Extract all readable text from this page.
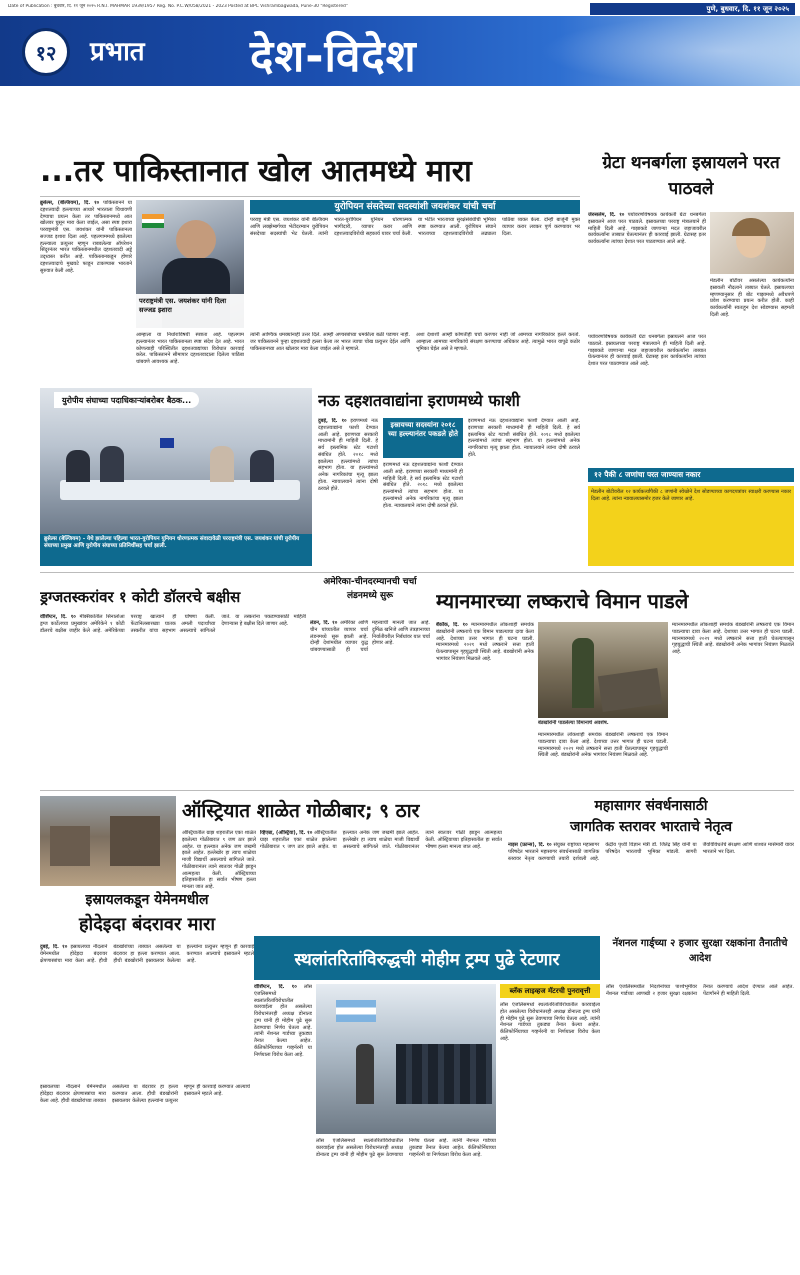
Date of Publication : बुधवार, दि. ११ जून २०२५ R.N.I. MAHMAR 1939/1957 Reg. No. P.C.W/058/2021 - 2023 Posted at BPC Vishrambagwada, Pune-30 "Registered"	पुणे, बुधवार, दि. ११ जून २०२५
१२ प्रभात देश-विदेश
...तर पाकिस्तानात खोल आतमध्ये मारा
ब्रुसेल्स, (बेल्जियम), दि. १० पाकिस्तानने या दहशतवादी हल्ल्याच्या आधारे भारताला चिथावणी देण्याचा प्रयत्न केला तर पाकिस्तानमध्ये आत खोलवर घुसून मारा केला जाईल, असा स्पष्ट इशारा परराष्ट्रमंत्री एस. जयशंकर यांनी पाकिस्तानला सज्जड इशारा दिला आहे. पहलगाममध्ये झालेल्या हल्ल्याला प्रत्युत्तर म्हणून राबवलेल्या ऑपरेशन सिंदूरनंतर भारत पाकिस्तानमधील दहशतवादी अड्डे उद्ध्वस्त करीत आहे. पाकिस्तानकडून होणारे दहशतवादाचे मुखवटे फाडून टाकण्यास भारताने सुरुवात केली आहे.
परराष्ट्रमंत्री एस. जयशंकर यांनी दिला सज्जड इशारा
युरोपियन संसदेच्या सदस्यांशी जयशंकर यांची चर्चा
परराष्ट्र मंत्री एस. जयशंकर यांनी बेल्जियम आणि लक्झेम्बर्गच्या भेटीदरम्यान युरोपियन संसदेच्या सदस्यांची भेट घेतली. त्यांनी भारत-युरोपियन युनियन धोरणात्मक भागीदारी, व्यापार करार आणि दहशतवादविरोधी सहकार्य यावर चर्चा केली. या भेटीत भारताच्या सुरक्षेसंबंधीची भूमिका स्पष्ट करण्यात आली. युरोपियन संघाने भारताच्या दहशतवादविरोधी लढ्याला पाठिंबा व्यक्त केला. दोन्ही बाजूंनी मुक्त व्यापार करार लवकर पूर्ण करण्यावर भर दिला.
आम्हाला या निर्धाराविषयी स्पष्टता आहे. पहलगाम हल्ल्यानंतर भारत पाकिस्तानला स्पष्ट संदेश देत आहे. भारत कोणत्याही परिस्थितीत दहशतवाद्यांच्या विरोधात कारवाई करेल. पाकिस्तानने सीमापार दहशतवादाला दिलेला पाठिंबा थांबवणे आवश्यक आहे.
त्यांनी आण्विक धमक्यांनाही उत्तर दिले. आम्ही अण्वस्त्रांच्या धमकीला बळी पडणार नाही. जर पाकिस्तानने पुन्हा दहशतवादी हल्ला केला तर भारत त्याचा चोख प्रत्युत्तर देईल आणि पाकिस्तानच्या आत खोलवर मारा केला जाईल असे ते म्हणाले.
अशा देशाशी आम्ही कोणतीही चर्चा करणार नाही जो आमच्या नागरिकांवर हल्ले करतो. आम्हाला आमच्या नागरिकांचे संरक्षण करण्याचा अधिकार आहे. त्यामुळे भारत यापुढे कठोर भूमिका घेईल असे ते म्हणाले.
युरोपीय संघाच्या पदाधिकाऱ्यांबरोबर बैठक...
ब्रुसेल्स (बेल्जियम) - येथे झालेल्या पहिल्या भारत-युरोपियन युनियन धोरणात्मक संवादावेळी परराष्ट्रमंत्री एस. जयशंकर यांची युरोपीय संघाच्या प्रमुख आणि युरोपीय संघाच्या प्रतिनिधींसह चर्चा झाली.
नऊ दहशतवाद्यांना इराणमध्ये फाशी
दुबई, दि. १० इराणमध्ये नऊ दहशतवाद्यांना फाशी देण्यात आली आहे. इराणच्या सरकारी माध्यमांनी ही माहिती दिली. हे सर्व इस्लामिक स्टेट गटाशी संबंधित होते. २०१८ मध्ये झालेल्या हल्ल्यांमध्ये त्यांचा सहभाग होता. या हल्ल्यांमध्ये अनेक नागरिकांचा मृत्यू झाला होता. न्यायालयाने त्यांना दोषी ठरवले होते.
इस्रायच्या सदस्यांना २०१८ च्या हल्ल्यानंतर पकडले होते
इराणमध्ये नऊ दहशतवाद्यांना फाशी देण्यात आली आहे. इराणच्या सरकारी माध्यमांनी ही माहिती दिली. हे सर्व इस्लामिक स्टेट गटाशी संबंधित होते. २०१८ मध्ये झालेल्या हल्ल्यांमध्ये त्यांचा सहभाग होता. या हल्ल्यांमध्ये अनेक नागरिकांचा मृत्यू झाला होता. न्यायालयाने त्यांना दोषी ठरवले होते.
इराणमध्ये नऊ दहशतवाद्यांना फाशी देण्यात आली आहे. इराणच्या सरकारी माध्यमांनी ही माहिती दिली. हे सर्व इस्लामिक स्टेट गटाशी संबंधित होते. २०१८ मध्ये झालेल्या हल्ल्यांमध्ये त्यांचा सहभाग होता. या हल्ल्यांमध्ये अनेक नागरिकांचा मृत्यू झाला होता. न्यायालयाने त्यांना दोषी ठरवले होते.
ग्रेटा थनबर्गला इस्रायलने परत पाठवले
जेरुसलेम, दि. १० पर्यावरणविषयक कार्यकर्ती ग्रेटा थनबर्गला इस्रायलने आज परत पाठवले. इस्रायलच्या परराष्ट्र मंत्रालयाने ही माहिती दिली आहे. गाझाकडे जाणाऱ्या मदत जहाजावरील कार्यकर्त्यांना ताब्यात घेतल्यानंतर ही कारवाई झाली. ग्रेटासह इतर कार्यकर्त्यांना त्यांच्या देशात परत पाठवण्यात आले आहे.
मेडलीन बोटीवर असलेल्या कार्यकर्त्यांना इस्रायली नौदलाने ताब्यात घेतले. इस्रायलच्या म्हणण्यानुसार ही बोट गाझामध्ये अवैधपणे प्रवेश करण्याचा प्रयत्न करीत होती. काही कार्यकर्त्यांनी स्वतःहून देश सोडण्यास सहमती दिली आहे.
पर्यावरणविषयक कार्यकर्ती ग्रेटा थनबर्गला इस्रायलने आज परत पाठवले. इस्रायलच्या परराष्ट्र मंत्रालयाने ही माहिती दिली आहे. गाझाकडे जाणाऱ्या मदत जहाजावरील कार्यकर्त्यांना ताब्यात घेतल्यानंतर ही कारवाई झाली. ग्रेटासह इतर कार्यकर्त्यांना त्यांच्या देशात परत पाठवण्यात आले आहे.
१२ पैकी ८ जणांचा परत जाण्यास नकार
मेडलीन बोटीवरील १२ कार्यकर्त्यांपैकी ८ जणांनी स्वेच्छेने देश सोडण्याच्या कागदपत्रांवर स्वाक्षरी करण्यास नकार दिला आहे. त्यांना न्यायालयासमोर हजर केले जाणार आहे.
ड्रग्जतस्करांवर १ कोटी डॉलरचे बक्षीस
वॉशिंग्टन, दि. १० मेक्सिकोतील सिनालोआ ड्रग्ज कार्टेलच्या प्रमुखांवर अमेरिकेने १ कोटी डॉलरचे बक्षीस जाहीर केले आहे. अमेरिकेच्या परराष्ट्र खात्याने ही घोषणा केली. फेंटानिलसारख्या घातक अमली पदार्थांच्या तस्करीत यांचा सहभाग असल्याचे सांगितले जाते. या तस्करांना पकडण्यासाठी माहिती देणाऱ्यास हे बक्षीस दिले जाणार आहे.
अमेरिका-चीनदरम्यानची चर्चा लंडनमध्ये सुरू
लंडन, दि. १० अमेरिका आणि चीन यांच्यातील व्यापार चर्चा लंडनमध्ये सुरू झाली आहे. दोन्ही देशांमधील व्यापार युद्ध थांबवण्यासाठी ही चर्चा महत्त्वाची मानली जात आहे. दुर्मिळ खनिजे आणि तंत्रज्ञानाच्या निर्यातीवरील निर्बंधांवर यात चर्चा होणार आहे.
म्यानमारच्या लष्कराचे विमान पाडले
बँकॉक, दि. १० म्यानमारमधील लोकशाही समर्थक बंडखोरांनी लष्कराचे एक विमान पाडल्याचा दावा केला आहे. देशाच्या उत्तर भागात ही घटना घडली. म्यानमारमध्ये २०२१ मध्ये लष्कराने सत्ता हाती घेतल्यापासून गृहयुद्धाची स्थिती आहे. बंडखोरांनी अनेक भागांवर नियंत्रण मिळवले आहे.
बंडखोरांनी पाडलेल्या विमानाचे अवशेष.
म्यानमारमधील लोकशाही समर्थक बंडखोरांनी लष्कराचे एक विमान पाडल्याचा दावा केला आहे. देशाच्या उत्तर भागात ही घटना घडली. म्यानमारमध्ये २०२१ मध्ये लष्कराने सत्ता हाती घेतल्यापासून गृहयुद्धाची स्थिती आहे. बंडखोरांनी अनेक भागांवर नियंत्रण मिळवले आहे.
म्यानमारमधील लोकशाही समर्थक बंडखोरांनी लष्कराचे एक विमान पाडल्याचा दावा केला आहे. देशाच्या उत्तर भागात ही घटना घडली. म्यानमारमध्ये २०२१ मध्ये लष्कराने सत्ता हाती घेतल्यापासून गृहयुद्धाची स्थिती आहे. बंडखोरांनी अनेक भागांवर नियंत्रण मिळवले आहे.
इस्रायलकडून येमेनमधील
होदेइदा बंदरावर मारा
दुबई, दि. १० इस्रायलच्या नौदलाने येमेनमधील होदेइदा बंदरावर क्षेपणास्त्रांचा मारा केला आहे. हौथी बंडखोरांच्या ताब्यात असलेल्या या बंदरावर हा हल्ला करण्यात आला. हौथी बंडखोरांनी इस्रायलवर केलेल्या हल्ल्यांना प्रत्युत्तर म्हणून ही कारवाई करण्यात आल्याचे इस्रायलने म्हटले आहे.
ऑस्ट्रियात शाळेत गोळीबार; ९ ठार
व्हिएन्ना, (ऑस्ट्रिया), दि. १० ऑस्ट्रियातील ग्राझ शहरातील एका शाळेत झालेल्या गोळीबारात ९ जण ठार झाले आहेत. या हल्ल्यात अनेक जण जखमी झाले आहेत. हल्लेखोर हा त्याच शाळेचा माजी विद्यार्थी असल्याचे सांगितले जाते. गोळीबारानंतर त्याने स्वतःवर गोळी झाडून आत्महत्या केली. ऑस्ट्रियाच्या इतिहासातील हा सर्वात भीषण हल्ला मानला जात आहे.
ऑस्ट्रियातील ग्राझ शहरातील एका शाळेत झालेल्या गोळीबारात ९ जण ठार झाले आहेत. या हल्ल्यात अनेक जण जखमी झाले आहेत. हल्लेखोर हा त्याच शाळेचा माजी विद्यार्थी असल्याचे सांगितले जाते. गोळीबारानंतर त्याने स्वतःवर गोळी झाडून आत्महत्या केली. ऑस्ट्रियाच्या इतिहासातील हा सर्वात भीषण हल्ला मानला जात आहे.
महासागर संवर्धनासाठी
जागतिक स्तरावर भारताचे नेतृत्व
नाइस (फ्रान्स), दि. १० संयुक्त राष्ट्रांच्या महासागर परिषदेत भारताने महासागर संवर्धनासाठी जागतिक स्तरावर नेतृत्व करण्याची तयारी दर्शवली आहे. केंद्रीय पृथ्वी विज्ञान मंत्री डॉ. जितेंद्र सिंह यांनी या परिषदेत भारताची भूमिका मांडली. सागरी जैवविविधतेचे संरक्षण आणि शाश्वत मासेमारी यावर भारताने भर दिला.
स्थलांतरितांविरुद्धची मोहीम ट्रम्प पुढे रेटणार
वॉशिंग्टन, दि. १० लॉस एंजलिसमध्ये स्थलांतरितांविरोधातील कारवाईला होत असलेल्या विरोधानंतरही अध्यक्ष डोनाल्ड ट्रम्प यांनी ही मोहीम पुढे सुरू ठेवण्याचा निर्णय घेतला आहे. त्यांनी नॅशनल गार्डच्या तुकड्या तैनात केल्या आहेत. कॅलिफोर्नियाच्या गव्हर्नरनी या निर्णयाला विरोध केला आहे.
लॉस एंजलिसमध्ये स्थलांतरितांविरोधातील कारवाईला होत असलेल्या विरोधानंतरही अध्यक्ष डोनाल्ड ट्रम्प यांनी ही मोहीम पुढे सुरू ठेवण्याचा निर्णय घेतला आहे. त्यांनी नॅशनल गार्डच्या तुकड्या तैनात केल्या आहेत. कॅलिफोर्नियाच्या गव्हर्नरनी या निर्णयाला विरोध केला आहे.
ब्लॅक लाइव्हज मॅटरची पुनरावृत्ती
लॉस एंजलिसमध्ये स्थलांतरितांविरोधातील कारवाईला होत असलेल्या विरोधानंतरही अध्यक्ष डोनाल्ड ट्रम्प यांनी ही मोहीम पुढे सुरू ठेवण्याचा निर्णय घेतला आहे. त्यांनी नॅशनल गार्डच्या तुकड्या तैनात केल्या आहेत. कॅलिफोर्नियाच्या गव्हर्नरनी या निर्णयाला विरोध केला आहे.
नॅशनल गार्ड्च्या २ हजार सुरक्षा रक्षकांना तैनातीचे आदेश
लॉस एंजलिसमधील निदर्शनांच्या पार्श्वभूमीवर नॅशनल गार्डच्या आणखी २ हजार सुरक्षा रक्षकांना तैनात करण्याचे आदेश देण्यात आले आहेत. पेंटागॉनने ही माहिती दिली.
इस्रायलच्या नौदलाने येमेनमधील होदेइदा बंदरावर क्षेपणास्त्रांचा मारा केला आहे. हौथी बंडखोरांच्या ताब्यात असलेल्या या बंदरावर हा हल्ला करण्यात आला. हौथी बंडखोरांनी इस्रायलवर केलेल्या हल्ल्यांना प्रत्युत्तर म्हणून ही कारवाई करण्यात आल्याचे इस्रायलने म्हटले आहे.
